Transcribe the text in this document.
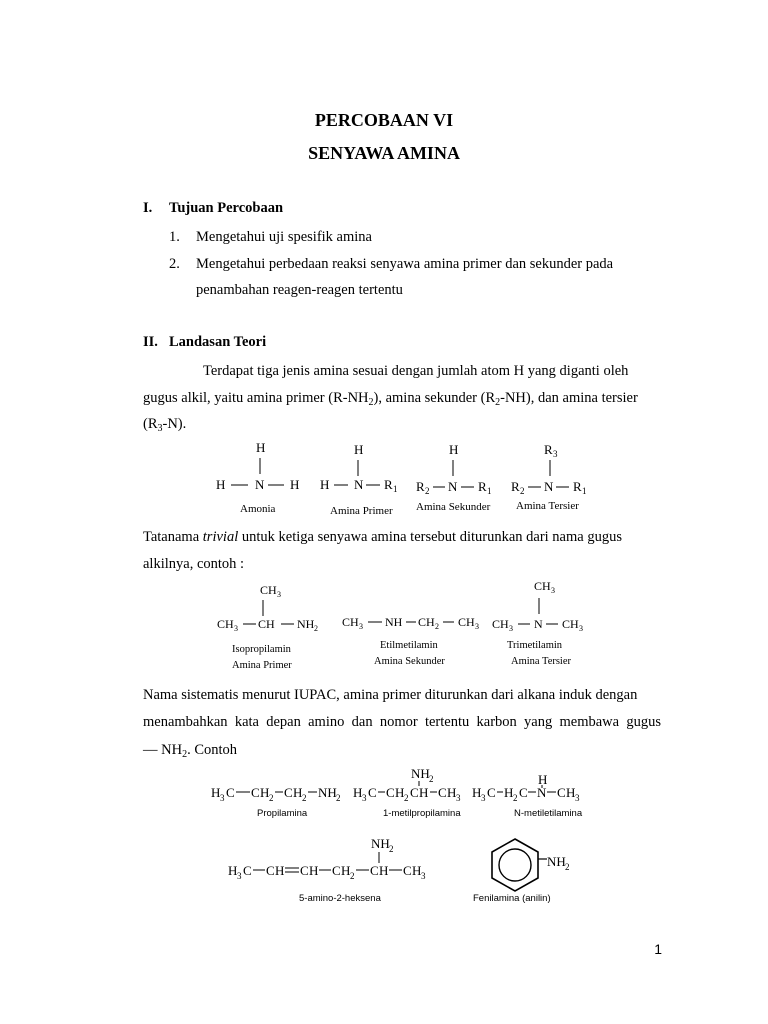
PERCOBAAN VI
SENYAWA AMINA
I. Tujuan Percobaan
1. Mengetahui uji spesifik amina
2. Mengetahui perbedaan reaksi senyawa amina primer dan sekunder pada
penambahan reagen-reagen tertentu
II. Landasan Teori
Terdapat tiga jenis amina sesuai dengan jumlah atom H yang diganti oleh
gugus alkil, yaitu amina primer $(R-NH_2)$, amina sekunder $(R_2-NH)$, dan amina tersier
$(R_3-N)$.
H
H N H
Amonia
H
H N R 1
Amina Primer
H
R 2 N R 1
Amina Sekunder
R 3
R 2 N R 1
Amina Tersier
Tatanama trivial untuk ketiga senyawa amina tersebut diturunkan dari nama gugus
alkilnya, contoh :
CH 3
CH 3 CH NH 2
Isopropilamin
Amina Primer
CH 3 NH CH 2 CH 3
Etilmetilamin
Amina Sekunder
CH 3
CH 3 N CH 3
Trimetilamin
Amina Tersier
Nama sistematis menurut IUPAC, amina primer diturunkan dari alkana induk dengan
menambahkan kata depan amino dan nomor tertentu karbon yang membawa gugus
— $NH_2$. Contoh
H 3 C C H 2 C H 2 NH 2
Propilamina
NH 2
H 3 C C H 2 C H C H 3
1-metilpropilamina
H
H 3 C H 2 C N C H 3
N-metiletilamina
NH 2
H 3 C C H C H C H 2 C H C H 3
5-amino-2-heksena
NH 2
Fenilamina (anilin)
1
